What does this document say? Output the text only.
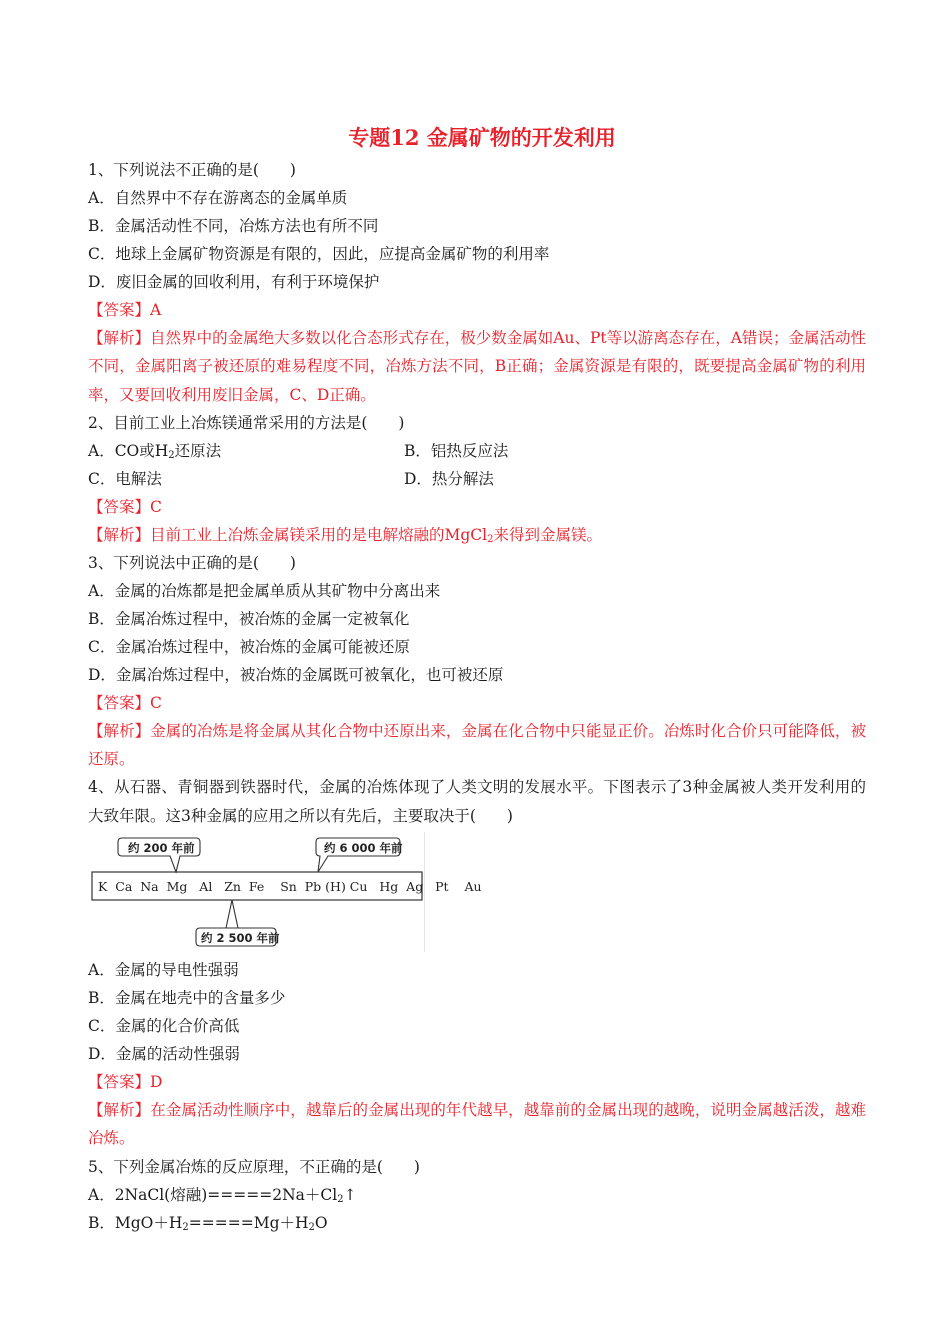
专题12 金属矿物的开发利用
1、下列说法不正确的是(　　)
A．自然界中不存在游离态的金属单质
B．金属活动性不同，冶炼方法也有所不同
C．地球上金属矿物资源是有限的，因此，应提高金属矿物的利用率
D．废旧金属的回收利用，有利于环境保护
【答案】A
【解析】自然界中的金属绝大多数以化合态形式存在，极少数金属如Au、Pt等以游离态存在，A错误；金属活动性不同，金属阳离子被还原的难易程度不同，冶炼方法不同，B正确；金属资源是有限的，既要提高金属矿物的利用率，又要回收利用废旧金属，C、D正确。
2、目前工业上冶炼镁通常采用的方法是(　　)
A．CO或$H_2$还原法	B．铝热反应法
C．电解法	D．热分解法
【答案】C
【解析】目前工业上冶炼金属镁采用的是电解熔融的MgCl$_2$来得到金属镁。
3、下列说法中正确的是(　　)
A．金属的冶炼都是把金属单质从其矿物中分离出来
B．金属冶炼过程中，被冶炼的金属一定被氧化
C．金属冶炼过程中，被冶炼的金属可能被还原
D．金属冶炼过程中，被冶炼的金属既可被氧化，也可被还原
【答案】C
【解析】金属的冶炼是将金属从其化合物中还原出来，金属在化合物中只能显正价。冶炼时化合价只可能降低，被还原。
4、从石器、青铜器到铁器时代，金属的冶炼体现了人类文明的发展水平。下图表示了3种金属被人类开发利用的大致年限。这3种金属的应用之所以有先后，主要取决于(　　)
K  Ca  Na  Mg   Al   Zn  Fe    Sn  Pb (H) Cu   Hg  Ag   Pt    Au
约 200 年前	约 6 000 年前
约 2 500 年前
A．金属的导电性强弱
B．金属在地壳中的含量多少
C．金属的化合价高低
D．金属的活动性强弱
【答案】D
【解析】在金属活动性顺序中，越靠后的金属出现的年代越早，越靠前的金属出现的越晚，说明金属越活泼，越难冶炼。
5、下列金属冶炼的反应原理，不正确的是(　　)
A．2NaCl(熔融)$=====2Na+Cl_2↑$
B．$MgO+H_2=====Mg+H_2O$
